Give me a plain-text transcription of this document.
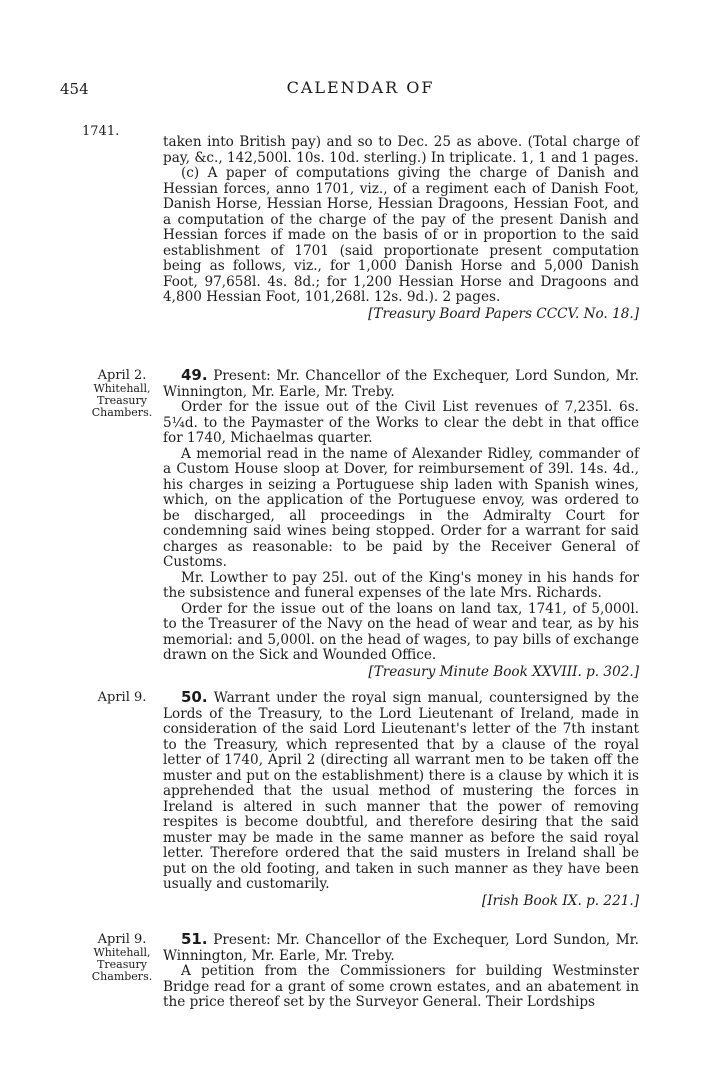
454	CALENDAR OF
1741.

taken into British pay) and so to Dec. 25 as above. (Total charge of pay, &c., 142,500l. 10s. 10d. sterling.) In triplicate. 1, 1 and 1 pages.

(c) A paper of computations giving the charge of Danish and Hessian forces, anno 1701, viz., of a regiment each of Danish Foot, Danish Horse, Hessian Horse, Hessian Dragoons, Hessian Foot, and a computation of the charge of the pay of the present Danish and Hessian forces if made on the basis of or in proportion to the said establishment of 1701 (said proportionate present computation being as follows, viz., for 1,000 Danish Horse and 5,000 Danish Foot, 97,658l. 4s. 8d.; for 1,200 Hessian Horse and Dragoons and 4,800 Hessian Foot, 101,268l. 12s. 9d.). 2 pages.

[Treasury Board Papers CCCV. No. 18.]
April 2.
Whitehall,
Treasury
Chambers.

49. Present: Mr. Chancellor of the Exchequer, Lord Sundon, Mr. Winnington, Mr. Earle, Mr. Treby.

Order for the issue out of the Civil List revenues of 7,235l. 6s. 5¼d. to the Paymaster of the Works to clear the debt in that office for 1740, Michaelmas quarter.

A memorial read in the name of Alexander Ridley, commander of a Custom House sloop at Dover, for reimbursement of 39l. 14s. 4d., his charges in seizing a Portuguese ship laden with Spanish wines, which, on the application of the Portuguese envoy, was ordered to be discharged, all proceedings in the Admiralty Court for condemning said wines being stopped. Order for a warrant for said charges as reasonable: to be paid by the Receiver General of Customs.

Mr. Lowther to pay 25l. out of the King's money in his hands for the subsistence and funeral expenses of the late Mrs. Richards.

Order for the issue out of the loans on land tax, 1741, of 5,000l. to the Treasurer of the Navy on the head of wear and tear, as by his memorial: and 5,000l. on the head of wages, to pay bills of exchange drawn on the Sick and Wounded Office.

[Treasury Minute Book XXVIII. p. 302.]
April 9.	50. Warrant under the royal sign manual, countersigned by the Lords of the Treasury, to the Lord Lieutenant of Ireland, made in consideration of the said Lord Lieutenant's letter of the 7th instant to the Treasury, which represented that by a clause of the royal letter of 1740, April 2 (directing all warrant men to be taken off the muster and put on the establishment) there is a clause by which it is apprehended that the usual method of mustering the forces in Ireland is altered in such manner that the power of removing respites is become doubtful, and therefore desiring that the said muster may be made in the same manner as before the said royal letter. Therefore ordered that the said musters in Ireland shall be put on the old footing, and taken in such manner as they have been usually and customarily.

[Irish Book IX. p. 221.]
April 9.
Whitehall,
Treasury
Chambers.

51. Present: Mr. Chancellor of the Exchequer, Lord Sundon, Mr. Winnington, Mr. Earle, Mr. Treby.

A petition from the Commissioners for building Westminster Bridge read for a grant of some crown estates, and an abatement in the price thereof set by the Surveyor General. Their Lordships
